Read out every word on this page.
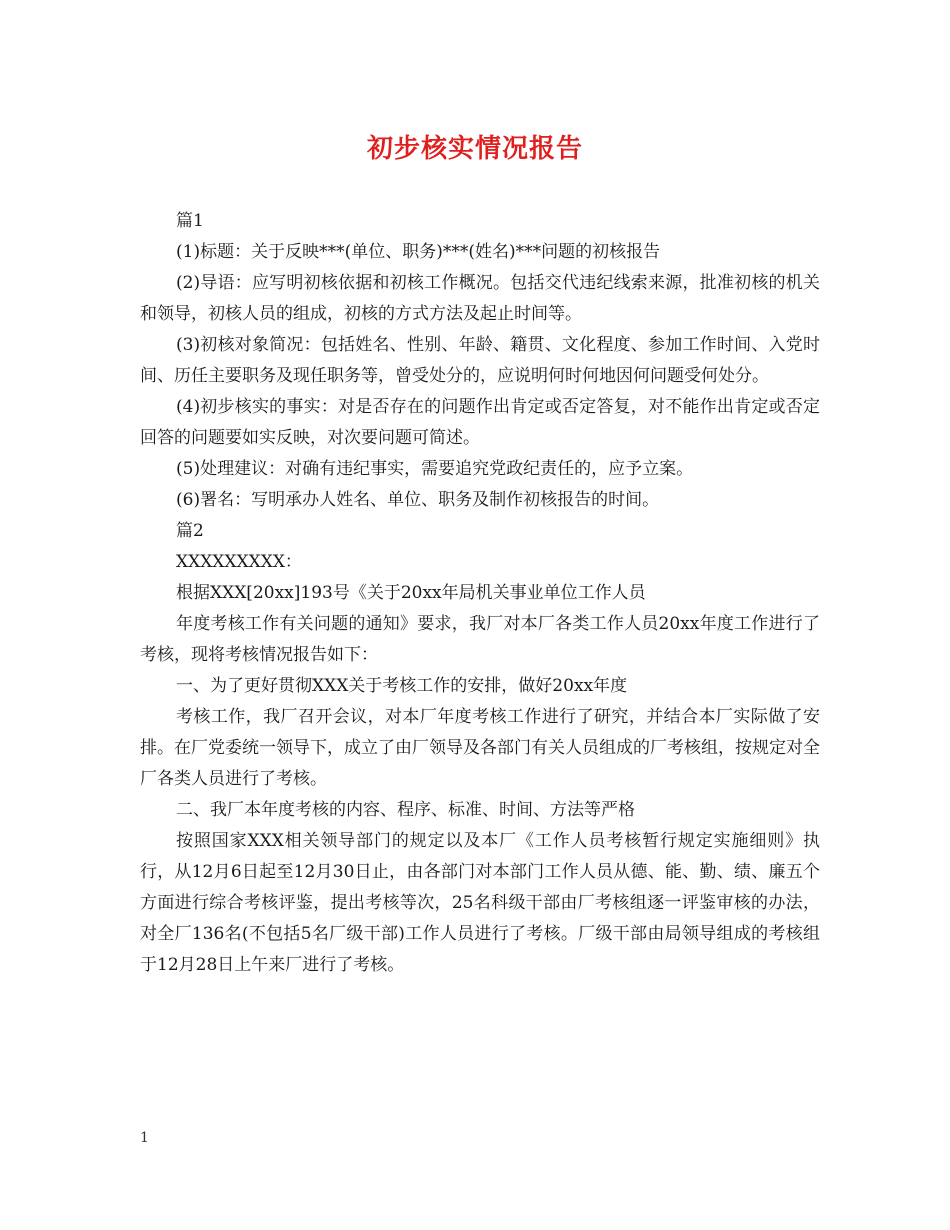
初步核实情况报告

篇1

(1)标题：关于反映***(单位、职务)***(姓名)***问题的初核报告

(2)导语：应写明初核依据和初核工作概况。包括交代违纪线索来源，批准初核的机关和领导，初核人员的组成，初核的方式方法及起止时间等。

(3)初核对象简况：包括姓名、性别、年龄、籍贯、文化程度、参加工作时间、入党时间、历任主要职务及现任职务等，曾受处分的，应说明何时何地因何问题受何处分。

(4)初步核实的事实：对是否存在的问题作出肯定或否定答复，对不能作出肯定或否定回答的问题要如实反映，对次要问题可简述。

(5)处理建议：对确有违纪事实，需要追究党政纪责任的，应予立案。

(6)署名：写明承办人姓名、单位、职务及制作初核报告的时间。

篇2

XXXXXXXXX：

根据XXX[20xx]193号《关于20xx年局机关事业单位工作人员

年度考核工作有关问题的通知》要求，我厂对本厂各类工作人员20xx年度工作进行了考核，现将考核情况报告如下：

一、为了更好贯彻XXX关于考核工作的安排，做好20xx年度

考核工作，我厂召开会议，对本厂年度考核工作进行了研究，并结合本厂实际做了安排。在厂党委统一领导下，成立了由厂领导及各部门有关人员组成的厂考核组，按规定对全厂各类人员进行了考核。

二、我厂本年度考核的内容、程序、标准、时间、方法等严格

按照国家XXX相关领导部门的规定以及本厂《工作人员考核暂行规定实施细则》执行，从12月6日起至12月30日止，由各部门对本部门工作人员从德、能、勤、绩、廉五个方面进行综合考核评鉴，提出考核等次，25名科级干部由厂考核组逐一评鉴审核的办法，对全厂136名(不包括5名厂级干部)工作人员进行了考核。厂级干部由局领导组成的考核组于12月28日上午来厂进行了考核。

1
